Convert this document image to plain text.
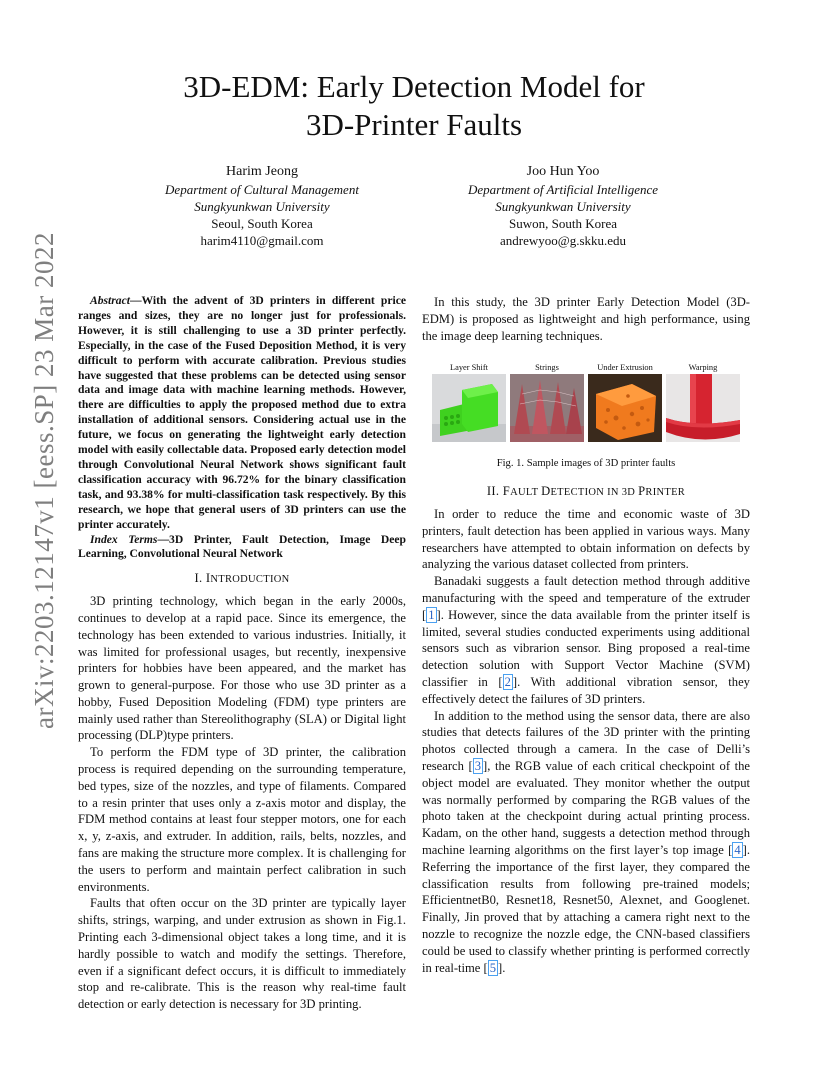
arXiv:2203.12147v1 [eess.SP] 23 Mar 2022
3D-EDM: Early Detection Model for
3D-Printer Faults
Harim Jeong
Department of Cultural Management
Sungkyunkwan University
Seoul, South Korea
harim4110@gmail.com
Joo Hun Yoo
Department of Artificial Intelligence
Sungkyunkwan University
Suwon, South Korea
andrewyoo@g.skku.edu

Abstract—With the advent of 3D printers in different price ranges and sizes, they are no longer just for professionals. However, it is still challenging to use a 3D printer perfectly. Especially, in the case of the Fused Deposition Method, it is very difficult to perform with accurate calibration. Previous studies have suggested that these problems can be detected using sensor data and image data with machine learning methods. However, there are difficulties to apply the proposed method due to extra installation of additional sensors. Considering actual use in the future, we focus on generating the lightweight early detection model with easily collectable data. Proposed early detection model through Convolutional Neural Network shows significant fault classification accuracy with 96.72% for the binary classification task, and 93.38% for multi-classification task respectively. By this research, we hope that general users of 3D printers can use the printer accurately.

Index Terms—3D Printer, Fault Detection, Image Deep Learning, Convolutional Neural Network

I. INTRODUCTION

3D printing technology, which began in the early 2000s, continues to develop at a rapid pace. Since its emergence, the technology has been extended to various industries. Initially, it was limited for professional usages, but recently, inexpensive printers for hobbies have been appeared, and the market has grown to general-purpose. For those who use 3D printer as a hobby, Fused Deposition Modeling (FDM) type printers are mainly used rather than Stereolithography (SLA) or Digital light processing (DLP)type printers.

To perform the FDM type of 3D printer, the calibration process is required depending on the surrounding temperature, bed types, size of the nozzles, and type of filaments. Compared to a resin printer that uses only a z-axis motor and display, the FDM method contains at least four stepper motors, one for each x, y, z-axis, and extruder. In addition, rails, belts, nozzles, and fans are making the structure more complex. It is challenging for the users to perform and maintain perfect calibration in such environments.

Faults that often occur on the 3D printer are typically layer shifts, strings, warping, and under extrusion as shown in Fig.1. Printing each 3-dimensional object takes a long time, and it is hardly possible to watch and modify the settings. Therefore, even if a significant defect occurs, it is difficult to immediately stop and re-calibrate. This is the reason why real-time fault detection or early detection is necessary for 3D printing.

In this study, the 3D printer Early Detection Model (3D-EDM) is proposed as lightweight and high performance, using the image deep learning techniques.

Layer Shift	Strings	Under Extrusion	Warping
Fig. 1. Sample images of 3D printer faults
II. FAULT DETECTION IN 3D PRINTER

In order to reduce the time and economic waste of 3D printers, fault detection has been applied in various ways. Many researchers have attempted to obtain information on defects by analyzing the various dataset collected from printers.

Banadaki suggests a fault detection method through additive manufacturing with the speed and temperature of the extruder [ 1 ]. However, since the data available from the printer itself is limited, several studies conducted experiments using additional sensors such as vibrarion sensor. Bing proposed a real-time detection solution with Support Vector Machine (SVM) classifier in [ 2 ]. With additional vibration sensor, they effectively detect the failures of 3D printers.

In addition to the method using the sensor data, there are also studies that detects failures of the 3D printer with the printing photos collected through a camera. In the case of Delli’s research [ 3 ], the RGB value of each critical checkpoint of the object model are evaluated. They monitor whether the output was normally performed by comparing the RGB values of the photo taken at the checkpoint during actual printing process. Kadam, on the other hand, suggests a detection method through machine learning algorithms on the first layer’s top image [ 4 ]. Referring the importance of the first layer, they compared the classification results from following pre-trained models; EfficientnetB0, Resnet18, Resnet50, Alexnet, and Googlenet. Finally, Jin proved that by attaching a camera right next to the nozzle to recognize the nozzle edge, the CNN-based classifiers could be used to classify whether printing is performed correctly in real-time [ 5 ].
